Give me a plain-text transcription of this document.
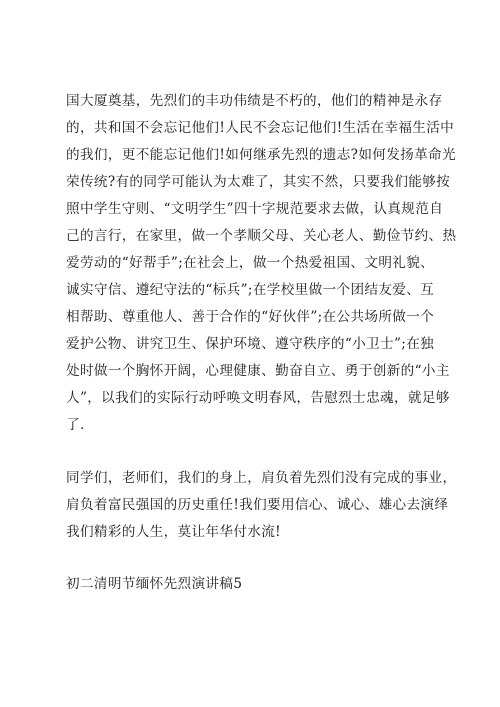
国大厦奠基，先烈们的丰功伟绩是不朽的，他们的精神是永存
的，共和国不会忘记他们!人民不会忘记他们!生活在幸福生活中
的我们，更不能忘记他们!如何继承先烈的遗志?如何发扬革命光
荣传统?有的同学可能认为太难了，其实不然，只要我们能够按
照中学生守则、“文明学生”四十字规范要求去做，认真规范自
己的言行，在家里，做一个孝顺父母、关心老人、勤俭节约、热
爱劳动的“好帮手”;在社会上，做一个热爱祖国、文明礼貌、
诚实守信、遵纪守法的“标兵”;在学校里做一个团结友爱、互
相帮助、尊重他人、善于合作的“好伙伴”;在公共场所做一个
爱护公物、讲究卫生、保护环境、遵守秩序的“小卫士”;在独
处时做一个胸怀开阔，心理健康、勤奋自立、勇于创新的“小主
人”，以我们的实际行动呼唤文明春风，告慰烈士忠魂，就足够
了.
同学们，老师们，我们的身上，肩负着先烈们没有完成的事业，
肩负着富民强国的历史重任!我们要用信心、诚心、雄心去演绎
我们精彩的人生，莫让年华付水流!
初二清明节缅怀先烈演讲稿5
